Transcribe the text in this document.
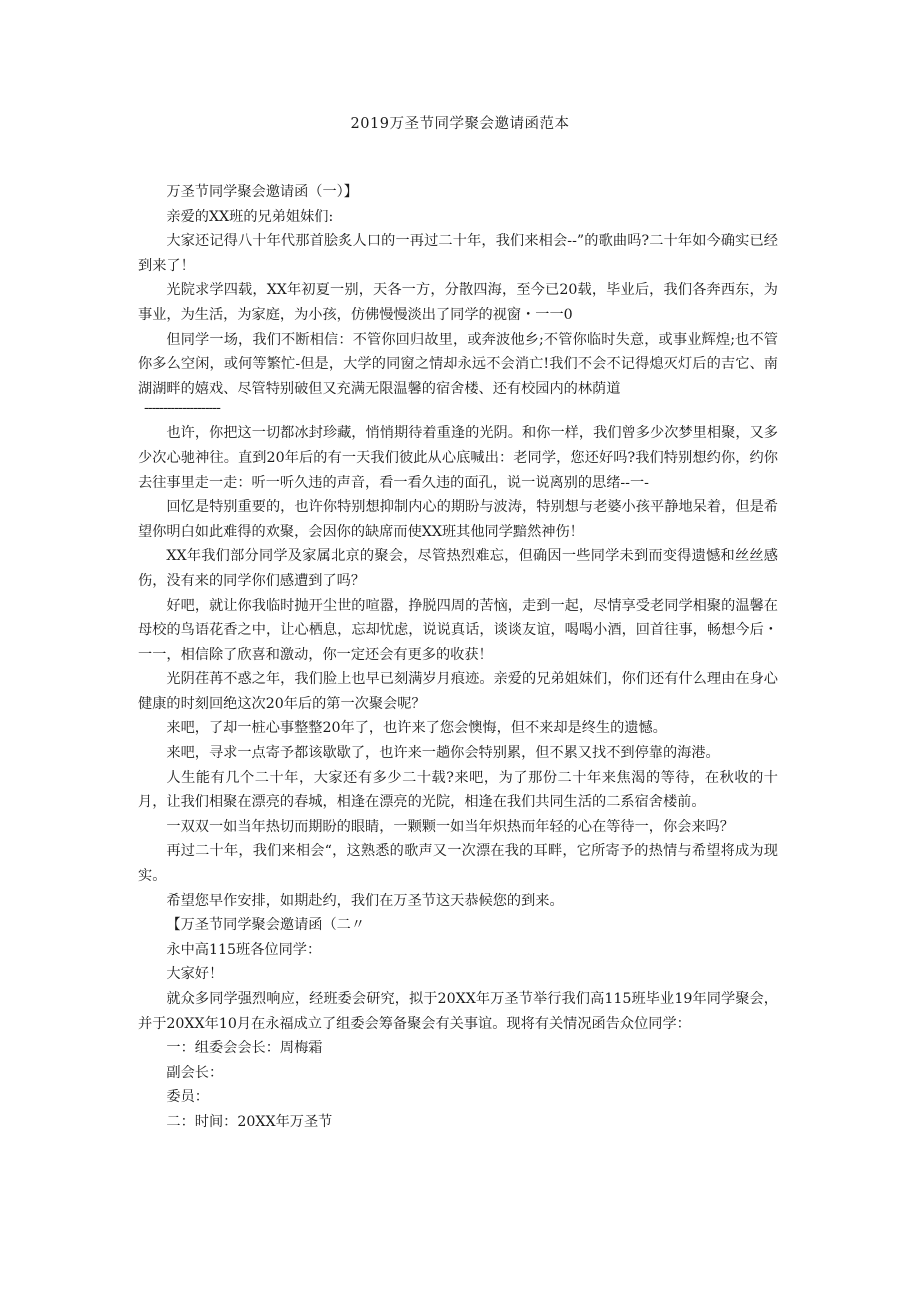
2019万圣节同学聚会邀请函范本

万圣节同学聚会邀请函（一）】

亲爱的XX班的兄弟姐妹们:

大家还记得八十年代那首脍炙人口的一再过二十年，我们来相会--”的歌曲吗?二十年如今确实已经到来了！

光院求学四载，XX年初夏一别，天各一方，分散四海，至今已20载，毕业后，我们各奔西东，为事业，为生活，为家庭，为小孩，仿佛慢慢淡出了同学的视窗・一一0

但同学一场，我们不断相信：不管你回归故里，或奔波他乡;不管你临时失意，或事业辉煌;也不管你多么空闲，或何等繁忙-但是，大学的同窗之情却永远不会消亡!我们不会不记得熄灭灯后的吉它、南湖湖畔的嬉戏、尽管特别破但又充满无限温馨的宿舍楼、还有校园内的林荫道

--------------------

也许，你把这一切都冰封珍藏，悄悄期待着重逢的光阴。和你一样，我们曾多少次梦里相聚，又多少次心驰神往。直到20年后的有一天我们彼此从心底喊出：老同学，您还好吗?我们特别想约你，约你去往事里走一走：听一听久违的声音，看一看久违的面孔，说一说离别的思绪--一-

回忆是特别重要的，也许你特别想抑制内心的期盼与波涛，特别想与老婆小孩平静地呆着，但是希望你明白如此难得的欢聚，会因你的缺席而使XX班其他同学黯然神伤！

XX年我们部分同学及家属北京的聚会，尽管热烈难忘，但确因一些同学未到而变得遗憾和丝丝感伤，没有来的同学你们感遭到了吗？

好吧，就让你我临时抛开尘世的喧嚣，挣脱四周的苦恼，走到一起，尽情享受老同学相聚的温馨在母校的鸟语花香之中，让心栖息，忘却忧虑，说说真话，谈谈友谊，喝喝小酒，回首往事，畅想今后・一一，相信除了欣喜和激动，你一定还会有更多的收获！

光阴荏苒不惑之年，我们脸上也早已刻满岁月痕迹。亲爱的兄弟姐妹们，你们还有什么理由在身心健康的时刻回绝这次20年后的第一次聚会呢？

来吧，了却一桩心事整整20年了，也许来了您会懊悔，但不来却是终生的遗憾。

来吧，寻求一点寄予都该歇歇了，也许来一趟你会特别累，但不累又找不到停靠的海港。

人生能有几个二十年，大家还有多少二十载?来吧，为了那份二十年来焦渴的等待，在秋收的十月，让我们相聚在漂亮的春城，相逢在漂亮的光院，相逢在我们共同生活的二系宿舍楼前。

一双双一如当年热切而期盼的眼睛，一颗颗一如当年炽热而年轻的心在等待一，你会来吗？

再过二十年，我们来相会“，这熟悉的歌声又一次漂在我的耳畔，它所寄予的热情与希望将成为现实。

希望您早作安排，如期赴约，我们在万圣节这天恭候您的到来。

【万圣节同学聚会邀请函（二〃

永中高115班各位同学：

大家好！

就众多同学强烈响应，经班委会研究，拟于20XX年万圣节举行我们高115班毕业19年同学聚会，并于20XX年10月在永福成立了组委会筹备聚会有关事谊。现将有关情况函告众位同学：

一：组委会会长：周梅霜

副会长：

委员：

二：时间：20XX年万圣节
